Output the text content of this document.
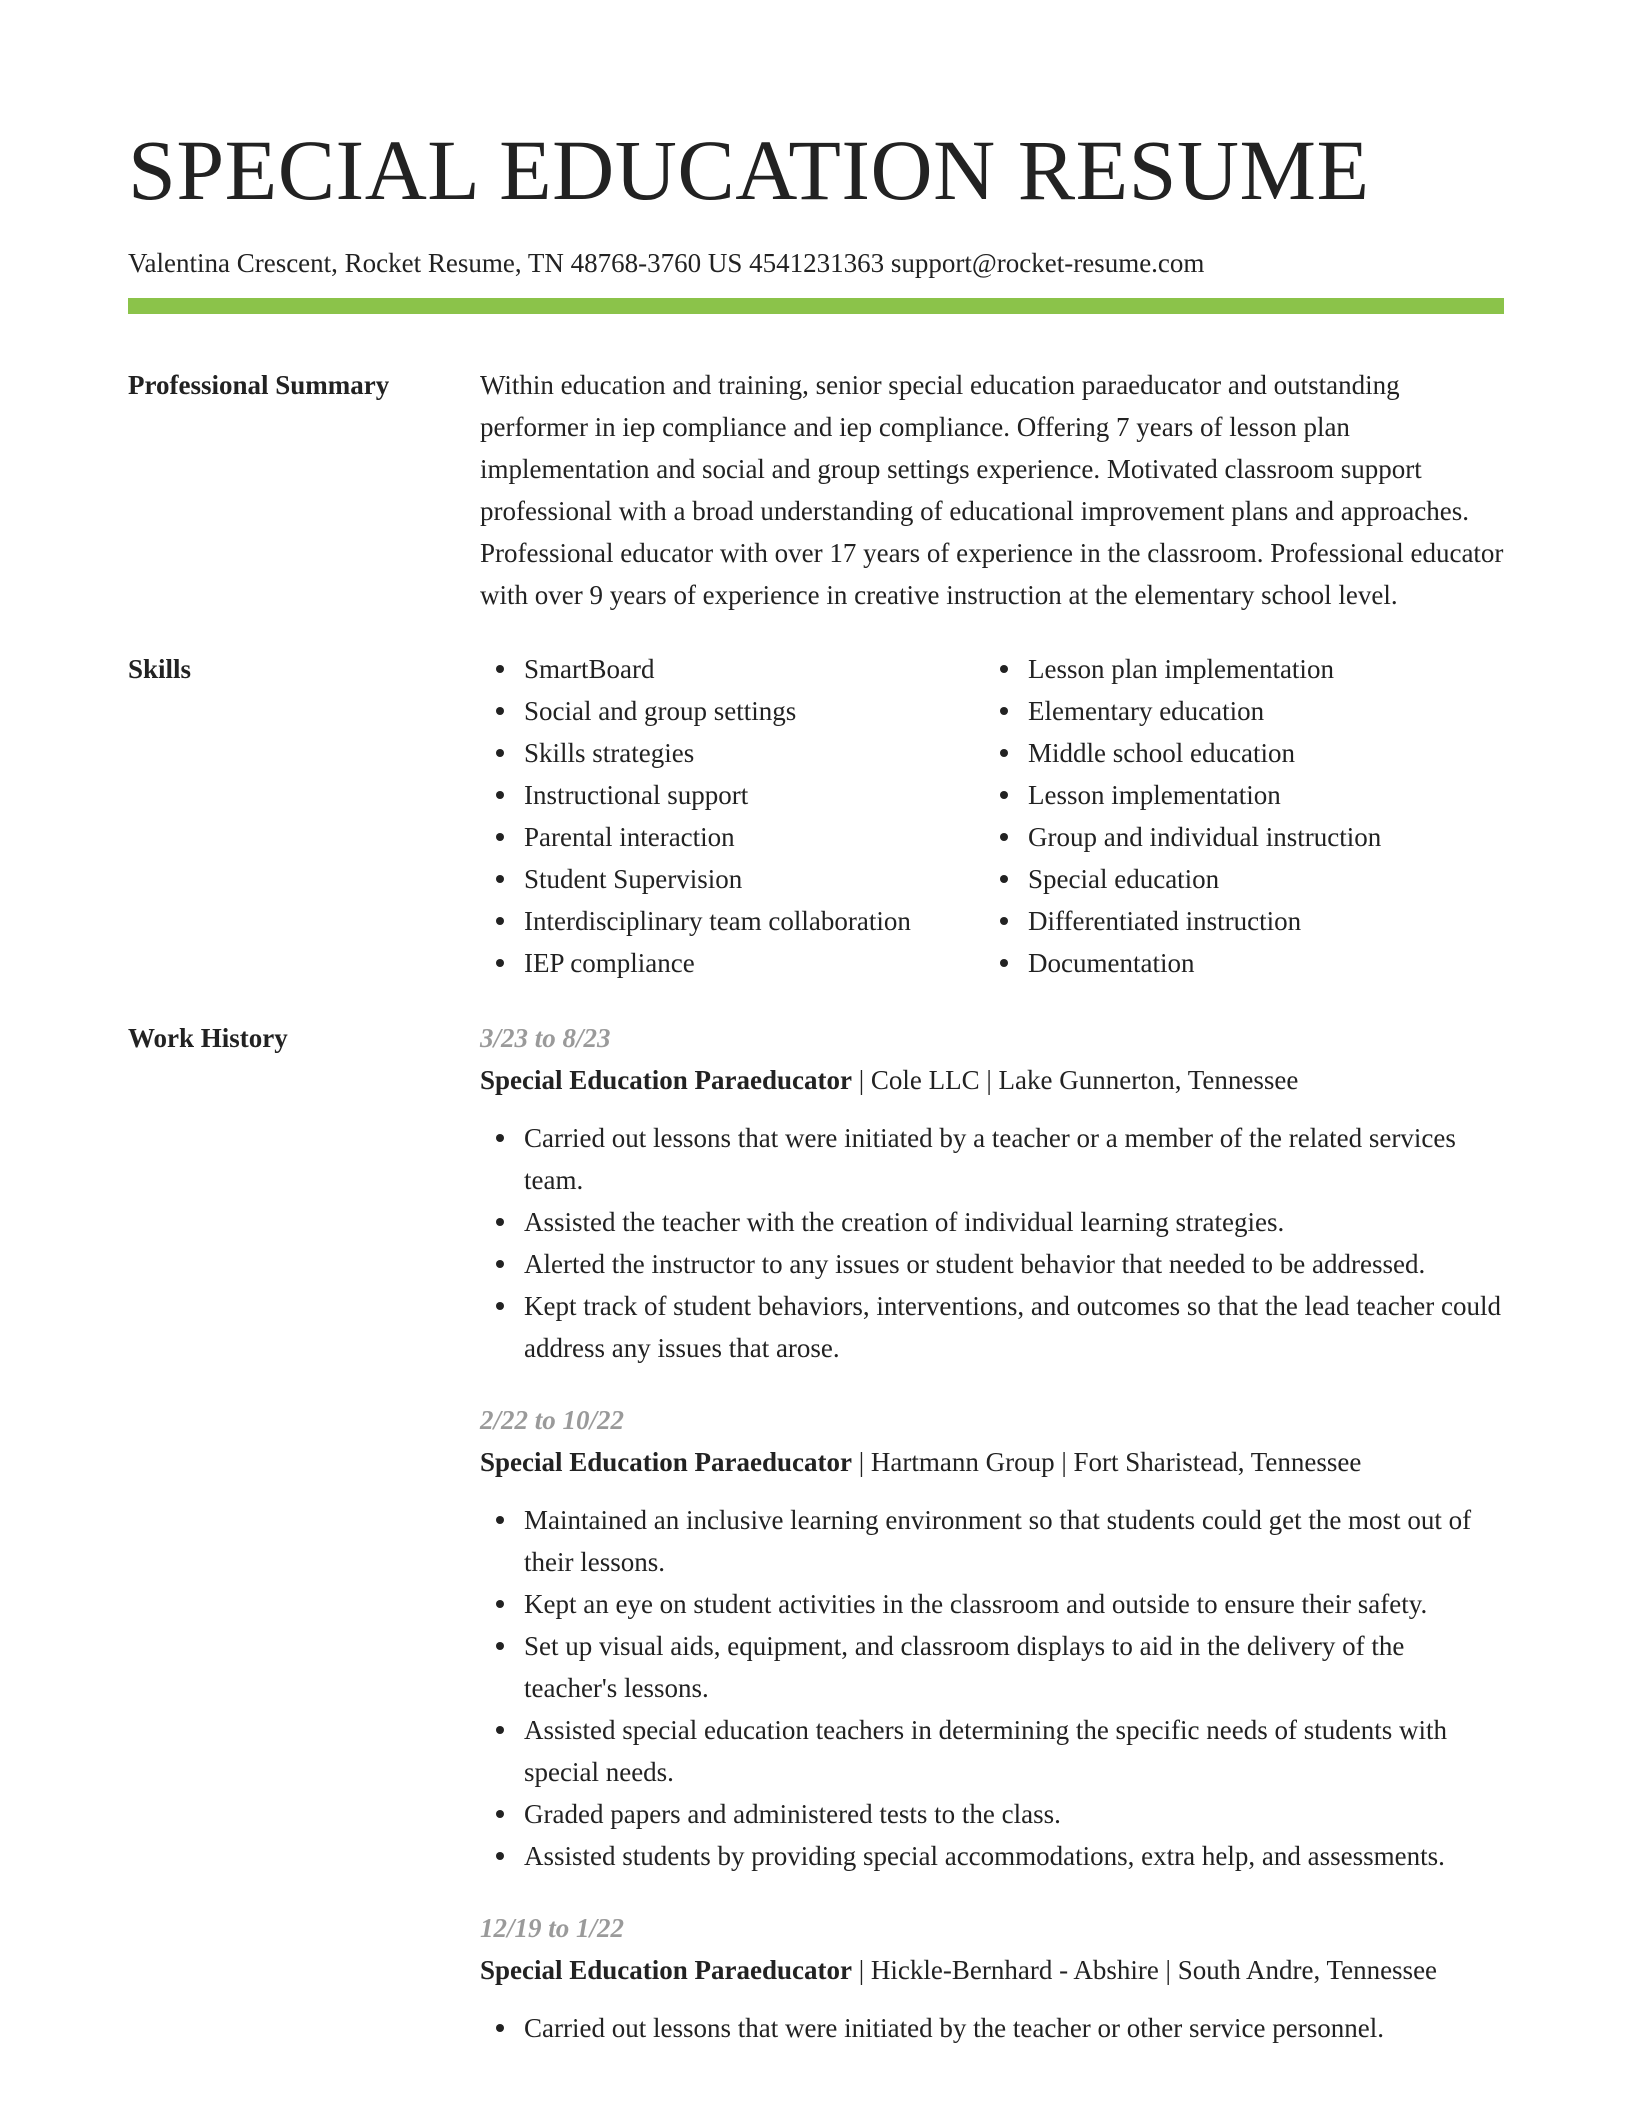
SPECIAL EDUCATION RESUME
Valentina Crescent, Rocket Resume, TN 48768-3760 US 4541231363 support@rocket-resume.com
Professional Summary	Within education and training, senior special education paraeducator and outstanding performer in iep compliance and iep compliance. Offering 7 years of lesson plan implementation and social and group settings experience. Motivated classroom support professional with a broad understanding of educational improvement plans and approaches. Professional educator with over 17 years of experience in the classroom. Professional educator with over 9 years of experience in creative instruction at the elementary school level.

Skills	SmartBoard
Social and group settings
Skills strategies
Instructional support
Parental interaction
Student Supervision
Interdisciplinary team collaboration
IEP compliance
Lesson plan implementation
Elementary education
Middle school education
Lesson implementation
Group and individual instruction
Special education
Differentiated instruction
Documentation
Work History	3/23 to 8/23
Special Education Paraeducator | Cole LLC | Lake Gunnerton, Tennessee
Carried out lessons that were initiated by a teacher or a member of the related services team.
Assisted the teacher with the creation of individual learning strategies.
Alerted the instructor to any issues or student behavior that needed to be addressed.
Kept track of student behaviors, interventions, and outcomes so that the lead teacher could address any issues that arose.
2/22 to 10/22
Special Education Paraeducator | Hartmann Group | Fort Sharistead, Tennessee
Maintained an inclusive learning environment so that students could get the most out of their lessons.
Kept an eye on student activities in the classroom and outside to ensure their safety.
Set up visual aids, equipment, and classroom displays to aid in the delivery of the teacher's lessons.
Assisted special education teachers in determining the specific needs of students with special needs.
Graded papers and administered tests to the class.
Assisted students by providing special accommodations, extra help, and assessments.
12/19 to 1/22
Special Education Paraeducator | Hickle-Bernhard - Abshire | South Andre, Tennessee
Carried out lessons that were initiated by the teacher or other service personnel.
